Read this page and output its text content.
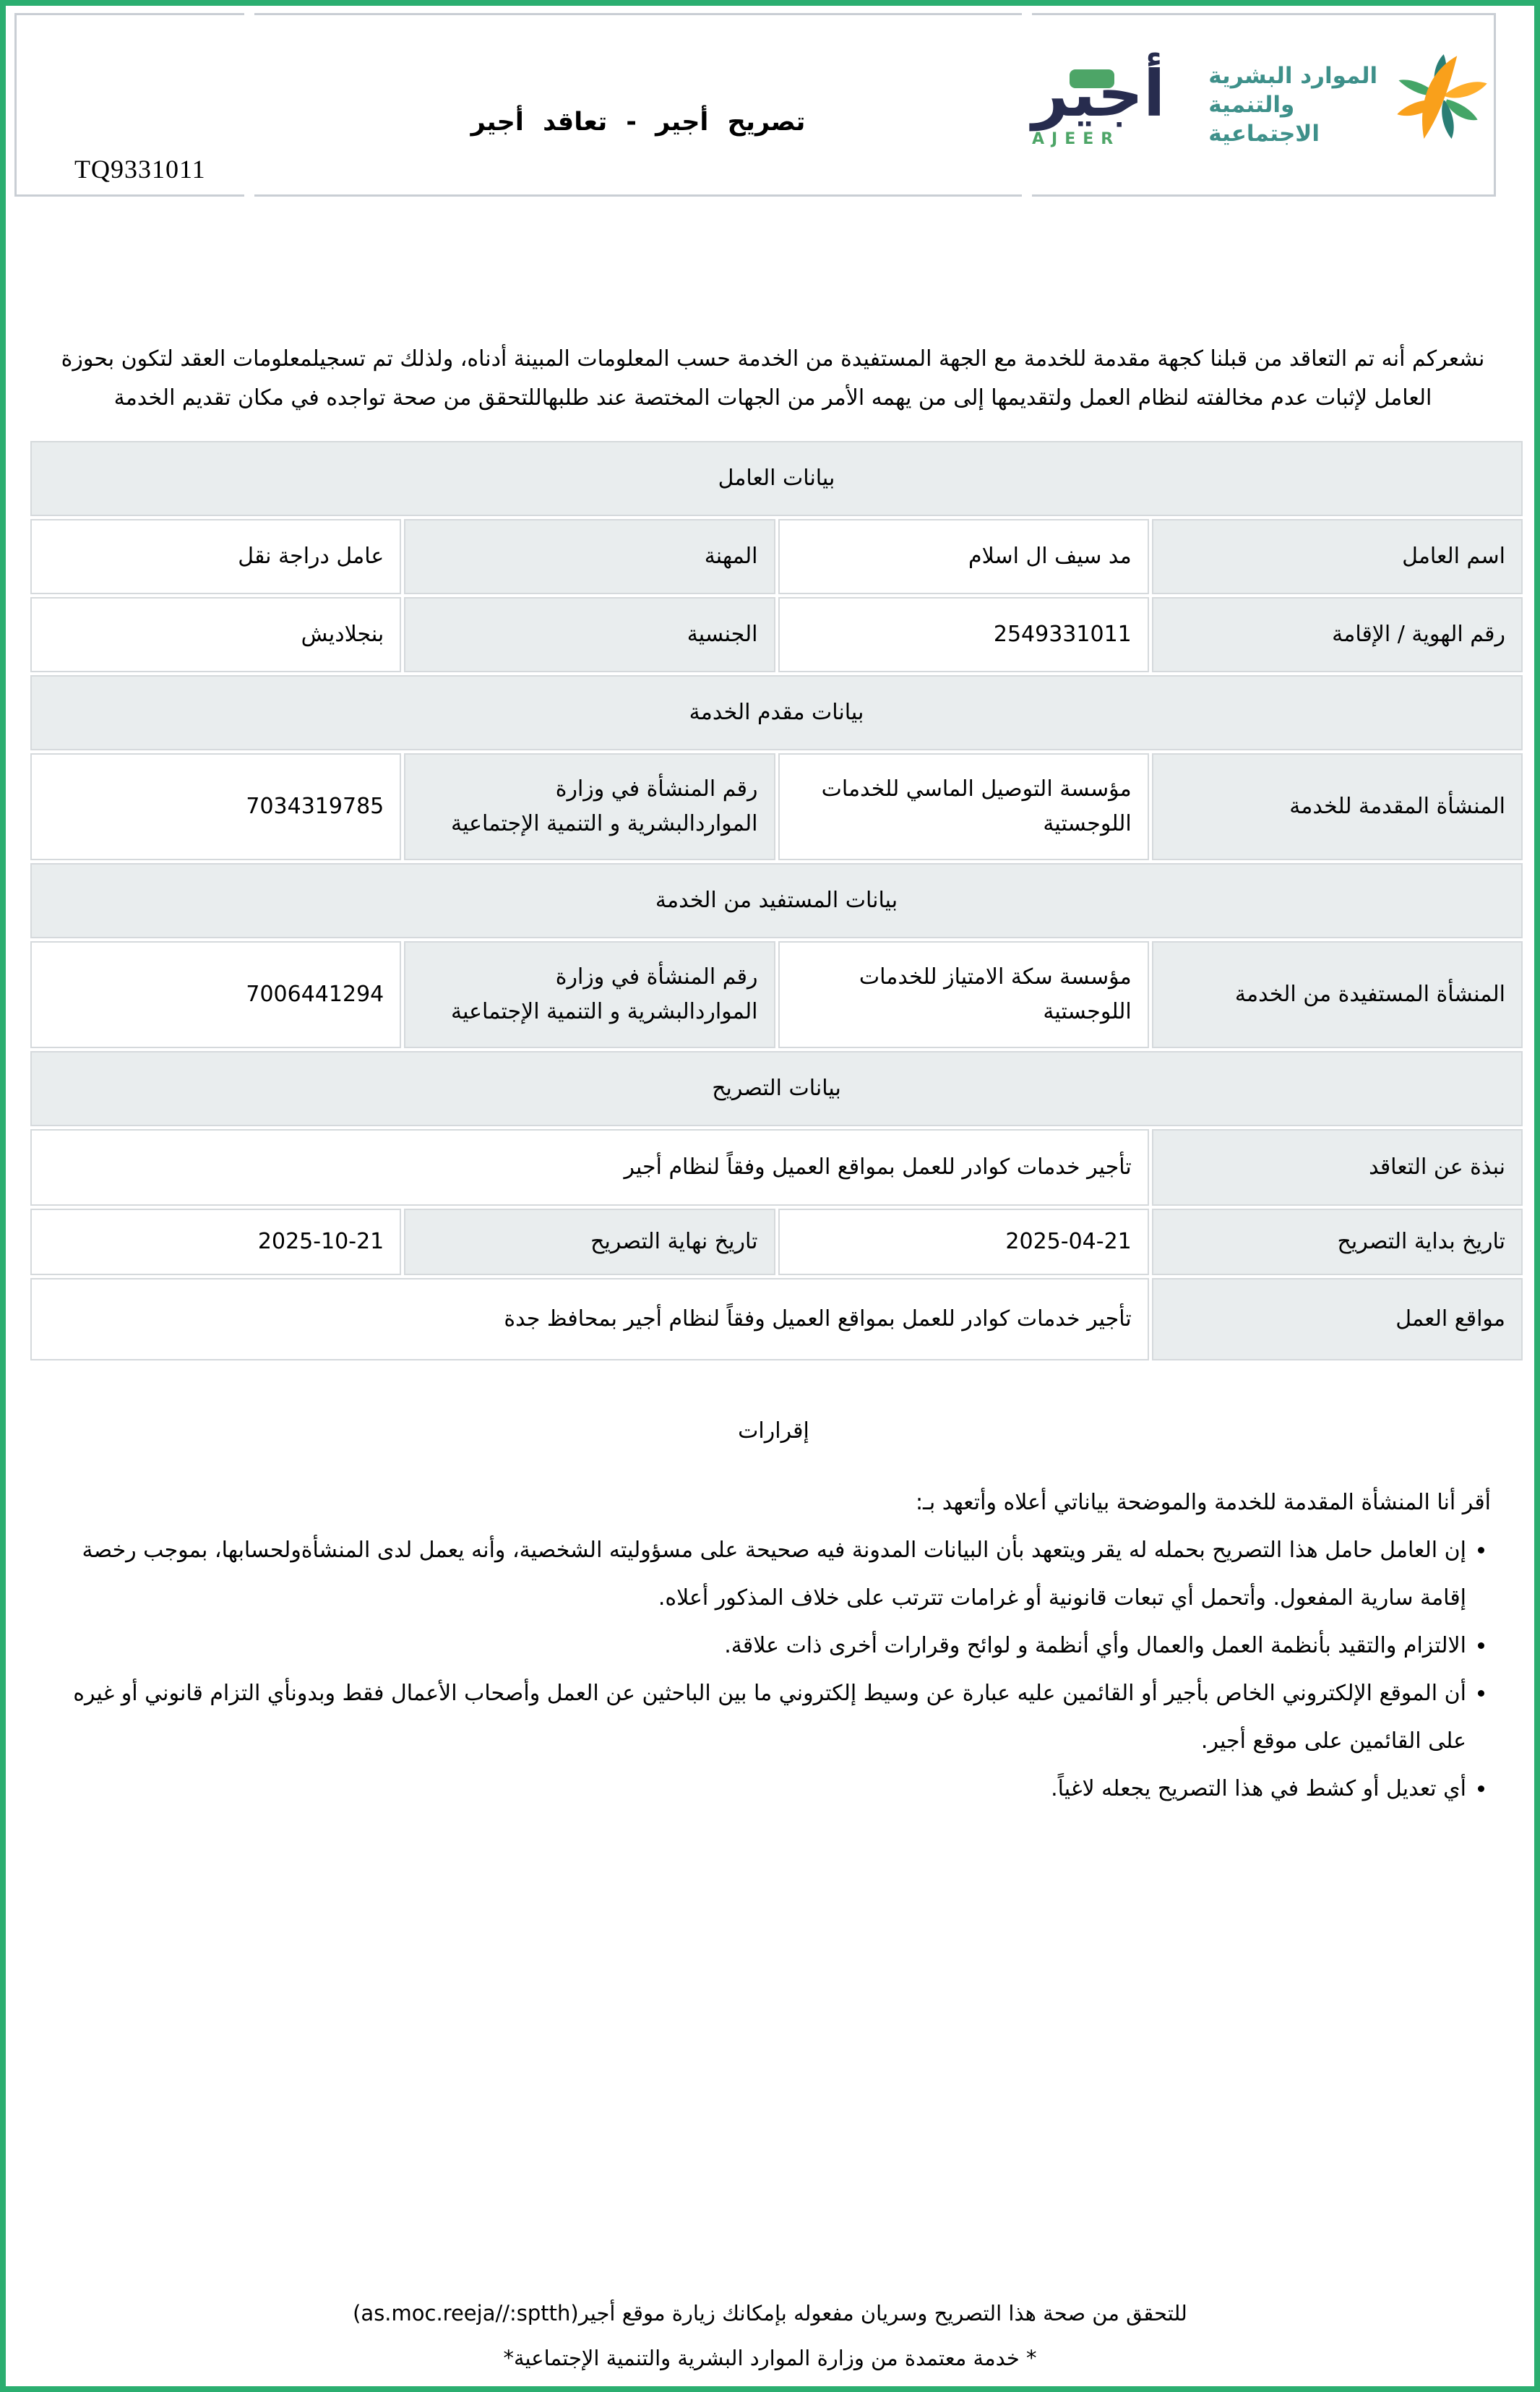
TQ9331011
تصريح أجير - تعاقد أجير	أجير
AJEER
الموارد البشرية
والتنمية الاجتماعية

نشعركم أنه تم التعاقد من قبلنا كجهة مقدمة للخدمة مع الجهة المستفيدة من الخدمة حسب المعلومات المبينة أدناه، ولذلك تم تسجيلمعلومات العقد لتكون بحوزة العامل لإثبات عدم مخالفته لنظام العمل ولتقديمها إلى من يهمه الأمر من الجهات المختصة عند طلبهاللتحقق من صحة تواجده في مكان تقديم الخدمة

بيانات العامل			
اسم العامل	مد سيف ال اسلام	المهنة	عامل دراجة نقل
رقم الهوية / الإقامة	2549331011	الجنسية	بنجلاديش
بيانات مقدم الخدمة			
المنشأة المقدمة للخدمة	مؤسسة التوصيل الماسي للخدمات اللوجستية	رقم المنشأة في وزارة المواردالبشرية و التنمية الإجتماعية	7034319785
بيانات المستفيد من الخدمة			
المنشأة المستفيدة من الخدمة	مؤسسة سكة الامتياز للخدمات اللوجستية	رقم المنشأة في وزارة المواردالبشرية و التنمية الإجتماعية	7006441294
بيانات التصريح			
نبذة عن التعاقد	تأجير خدمات كوادر للعمل بمواقع العميل وفقاً لنظام أجير		
تاريخ بداية التصريح	2025-04-21	تاريخ نهاية التصريح	2025-10-21
مواقع العمل	تأجير خدمات كوادر للعمل بمواقع العميل وفقاً لنظام أجير بمحافظ جدة		
إقرارات

أقر أنا المنشأة المقدمة للخدمة والموضحة بياناتي أعلاه وأتعهد بـ:

• إن العامل حامل هذا التصريح بحمله له يقر ويتعهد بأن البيانات المدونة فيه صحيحة على مسؤوليته الشخصية، وأنه يعمل لدى المنشأةولحسابها، بموجب رخصة إقامة سارية المفعول. وأتحمل أي تبعات قانونية أو غرامات تترتب على خلاف المذكور أعلاه.
• الالتزام والتقيد بأنظمة العمل والعمال وأي أنظمة و لوائح وقرارات أخرى ذات علاقة.
• أن الموقع الإلكتروني الخاص بأجير أو القائمين عليه عبارة عن وسيط إلكتروني ما بين الباحثين عن العمل وأصحاب الأعمال فقط وبدونأي التزام قانوني أو غيره على القائمين على موقع أجير.
• أي تعديل أو كشط في هذا التصريح يجعله لاغياً.
للتحقق من صحة هذا التصريح وسريان مفعوله بإمكانك زيارة موقع أجير(as.moc.reeja//:sptth)
* خدمة معتمدة من وزارة الموارد البشرية والتنمية الإجتماعية*
